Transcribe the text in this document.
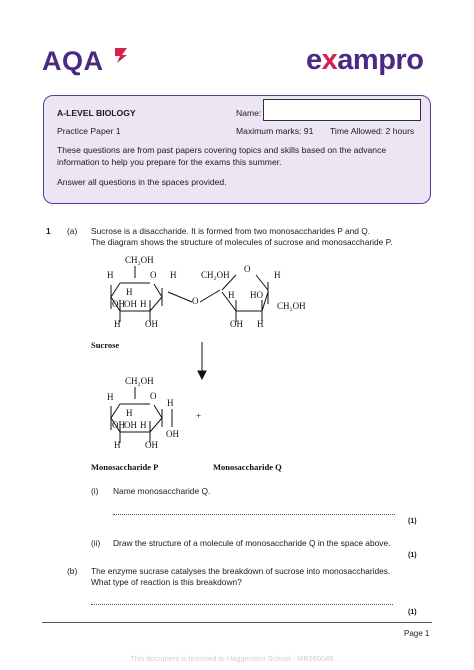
AQA	exampro
A-LEVEL BIOLOGY	Name:
Practice Paper 1	Maximum marks: 91 Time Allowed: 2 hours
These questions are from past papers covering topics and skills based on the advance
information to help you prepare for the exams this summer.
Answer all questions in the spaces provided.
1 (a) Sucrose is a disaccharide. It is formed from two monosaccharides P and Q.
The diagram shows the structure of molecules of sucrose and monosaccharide P.
CH₂OH
O
H
H
H
OH OH H
H	OH
O
CH₂OH
O
H
H HO
CH₂OH
OH H
Sucrose
CH₂OH
O
H
H
H
OH OH H
OH
H	OH
+
Monosaccharide P	Monosaccharide Q
(i) Name monosaccharide Q.
(1)
(ii) Draw the structure of a molecule of monosaccharide Q in the space above.
(1)
(b) The enzyme sucrase catalyses the breakdown of sucrose into monosaccharides.
What type of reaction is this breakdown?
(1)
Page 1
This document is licensed to Haggerston School - MB260045
